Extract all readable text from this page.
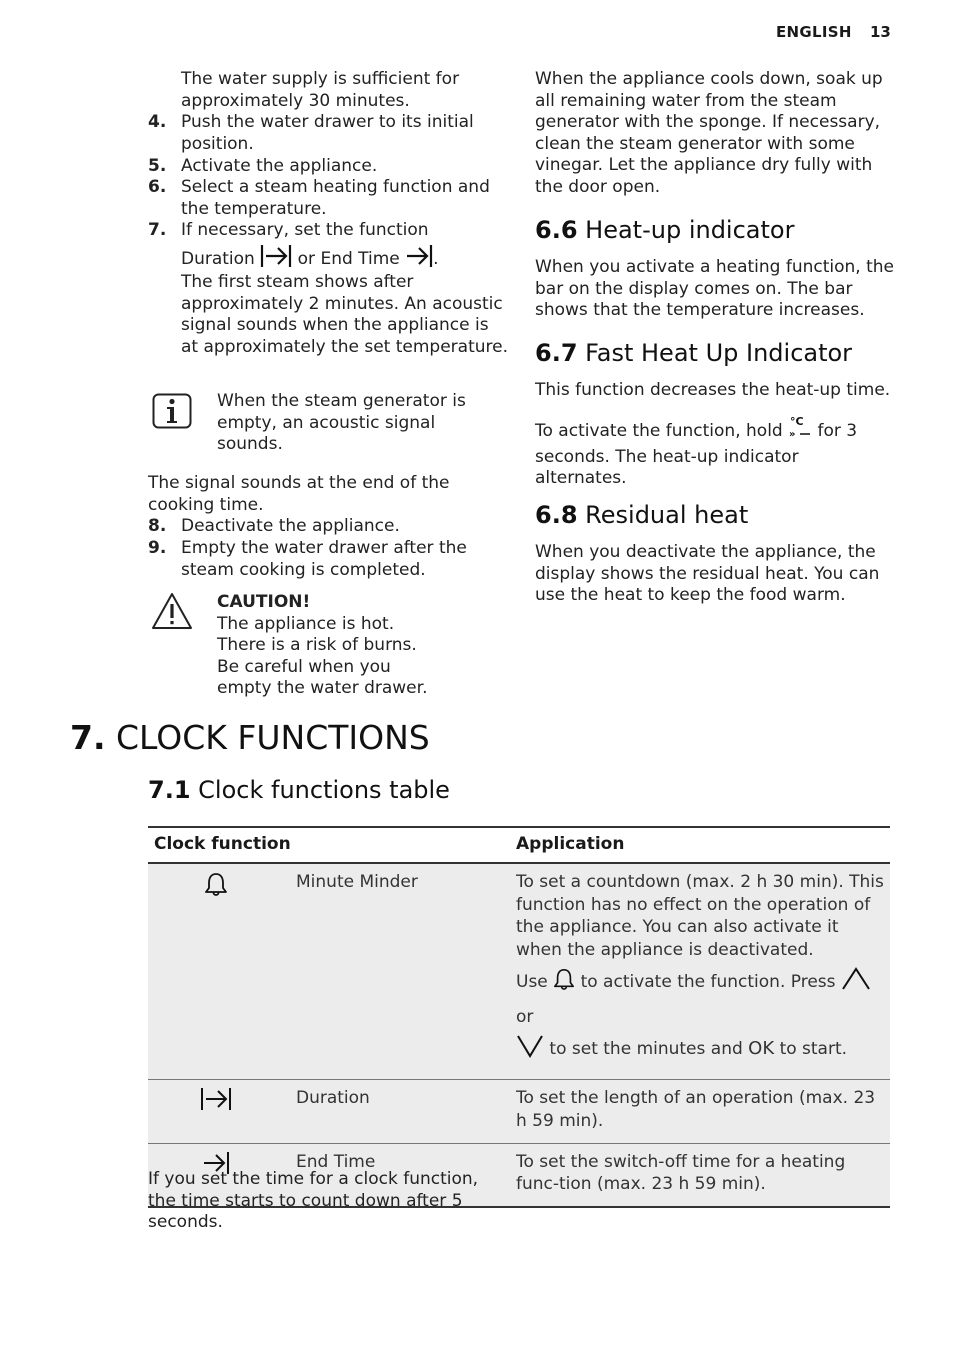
ENGLISH 13
The water supply is sufficient for approximately 30 minutes.
4. Push the water drawer to its initial position.
5. Activate the appliance.
6. Select a steam heating function and the temperature.
7. If necessary, set the function
Duration	or End Time .
The first steam shows after approximately 2 minutes. An acoustic signal sounds when the appliance is at approximately the set temperature.
When the steam generator is empty, an acoustic signal sounds.
The signal sounds at the end of the cooking time.
8. Deactivate the appliance.
9. Empty the water drawer after the steam cooking is completed.
CAUTION!
The appliance is hot.
There is a risk of burns.
Be careful when you
empty the water drawer.
When the appliance cools down, soak up all remaining water from the steam generator with the sponge. If necessary, clean the steam generator with some vinegar. Let the appliance dry fully with the door open.
6.6 Heat-up indicator
When you activate a heating function, the bar on the display comes on. The bar shows that the temperature increases.
6.7 Fast Heat Up Indicator
This function decreases the heat-up time.
To activate the function, hold °C
» for 3 seconds. The heat-up indicator alternates.
6.8 Residual heat
When you deactivate the appliance, the display shows the residual heat. You can use the heat to keep the food warm.
7. CLOCK FUNCTIONS
7.1 Clock functions table
Clock function		Application
	Minute Minder	To set a countdown (max. 2 h 30 min). This function has no effect on the operation of the appliance. You can also activate it when the appliance is deactivated.
Use to activate the function. Press  or
to set the minutes and OK to start.

	Duration	To set the length of an operation (max. 23 h 59 min).
	End Time	To set the switch-off time for a heating func-tion (max. 23 h 59 min).
If you set the time for a clock function, the time starts to count down after 5 seconds.
